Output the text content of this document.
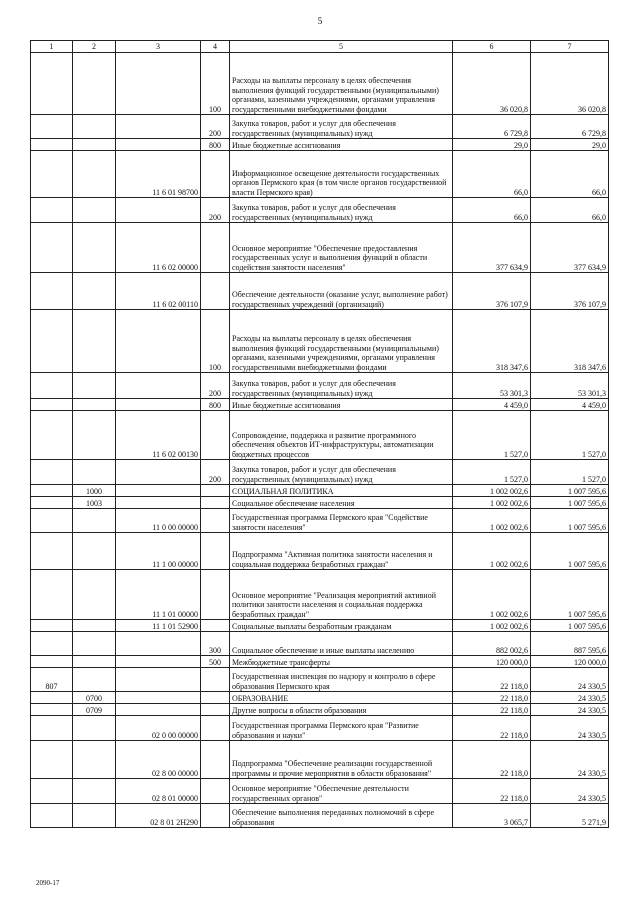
5
1	2	3	4	5	6	7
			100	Расходы на выплаты персоналу в целях обеспечения выполнения функций государственными (муниципальными) органами, казенными учреждениями, органами управления государственными внебюджетными фондами	36 020,8	36 020,8
			200	Закупка товаров, работ и услуг для обеспечения государственных (муниципальных) нужд	6 729,8	6 729,8
			800	Иные бюджетные ассигнования	29,0	29,0
		11 6 01 98700		Информационное освещение деятельности государственных органов Пермского края (в том числе органов государственной власти Пермского края)	66,0	66,0
			200	Закупка товаров, работ и услуг для обеспечения государственных (муниципальных) нужд	66,0	66,0
		11 6 02 00000		Основное мероприятие "Обеспечение предоставления государственных услуг и выполнения функций в области содействия занятости населения"	377 634,9	377 634,9
		11 6 02 00110		Обеспечение деятельности (оказание услуг, выполнение работ) государственных учреждений (организаций)	376 107,9	376 107,9
			100	Расходы на выплаты персоналу в целях обеспечения выполнения функций государственными (муниципальными) органами, казенными учреждениями, органами управления государственными внебюджетными фондами	318 347,6	318 347,6
			200	Закупка товаров, работ и услуг для обеспечения государственных (муниципальных) нужд	53 301,3	53 301,3
			800	Иные бюджетные ассигнования	4 459,0	4 459,0
		11 6 02 00130		Сопровождение, поддержка и развитие программного обеспечения объектов ИТ-инфраструктуры, автоматизации бюджетных процессов	1 527,0	1 527,0
			200	Закупка товаров, работ и услуг для обеспечения государственных (муниципальных) нужд	1 527,0	1 527,0
	1000			СОЦИАЛЬНАЯ ПОЛИТИКА	1 002 002,6	1 007 595,6
	1003			Социальное обеспечение населения	1 002 002,6	1 007 595,6
		11 0 00 00000		Государственная программа Пермского края "Содействие занятости населения"	1 002 002,6	1 007 595,6
		11 1 00 00000		Подпрограмма "Активная политика занятости населения и социальная поддержка безработных граждан"	1 002 002,6	1 007 595,6
		11 1 01 00000		Основное мероприятие "Реализация мероприятий активной политики занятости населения и социальная поддержка безработных граждан"	1 002 002,6	1 007 595,6
		11 1 01 52900		Социальные выплаты безработным гражданам	1 002 002,6	1 007 595,6
			300	Социальное обеспечение и иные выплаты населению	882 002,6	887 595,6
			500	Межбюджетные трансферты	120 000,0	120 000,0
807				Государственная инспекция по надзору и контролю в сфере образования Пермского края	22 118,0	24 330,5
	0700			ОБРАЗОВАНИЕ	22 118,0	24 330,5
	0709			Другие вопросы в области образования	22 118,0	24 330,5
		02 0 00 00000		Государственная программа Пермского края "Развитие образования и науки"	22 118,0	24 330,5
		02 8 00 00000		Подпрограмма "Обеспечение реализации государственной программы и прочие мероприятия в области образования"	22 118,0	24 330,5
		02 8 01 00000		Основное мероприятие "Обеспечение деятельности государственных органов"	22 118,0	24 330,5
		02 8 01 2Н290		Обеспечение выполнения переданных полномочий в сфере образования	3 065,7	5 271,9
2090-17
